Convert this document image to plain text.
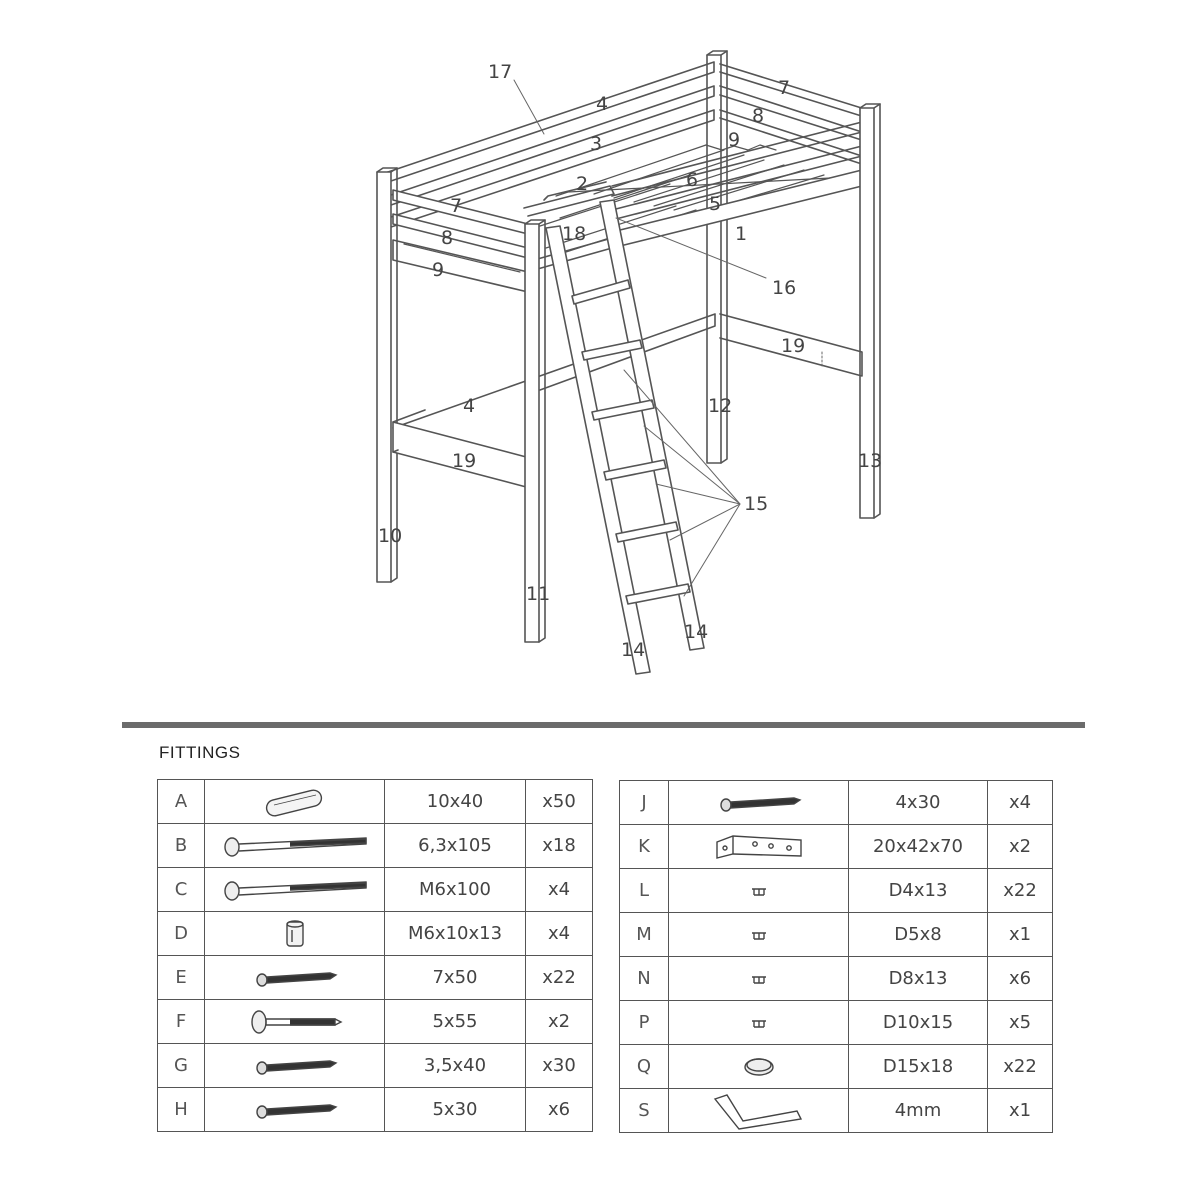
17
4
7
8
3	9
2	6
5
7
18	1
8
9
16
19
4	12
19	13
15
10
11
14
14
FITTINGS
A		10x40	x50
B		6,3x105	x18
C		M6x100	x4
D		M6x10x13	x4
E		7x50	x22
F		5x55	x2
G		3,5x40	x30
H		5x30	x6
J		4x30	x4
K		20x42x70	x2
L		D4x13	x22
M		D5x8	x1
N		D8x13	x6
P		D10x15	x5
Q		D15x18	x22
S		4mm	x1
